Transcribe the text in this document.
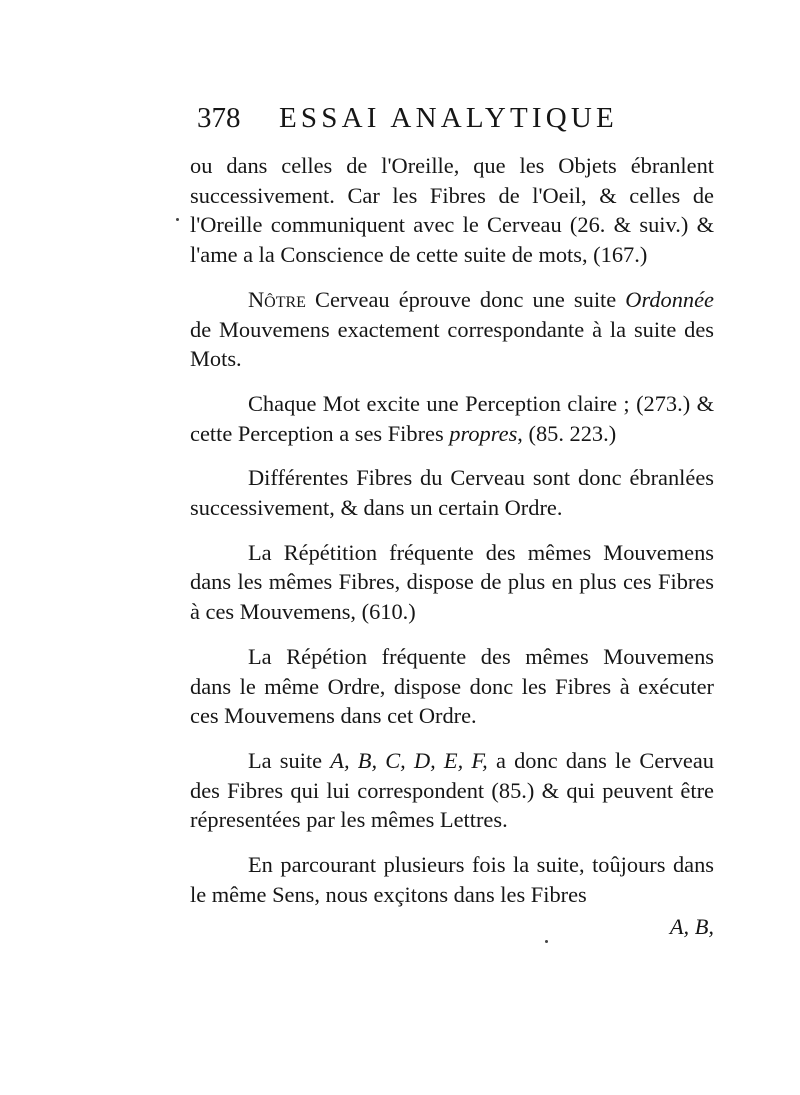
378 ESSAI ANALYTIQUE

ou dans celles de l'Oreille, que les Objets ébranlent successivement. Car les Fibres de l'Oeil, & celles de l'Oreille communiquent avec le Cerveau (26. & suiv.) & l'ame a la Conscience de cette suite de mots, (167.)

Nôtre Cerveau éprouve donc une suite Ordonnée de Mouvemens exactement correspondante à la suite des Mots.

Chaque Mot excite une Perception claire ; (273.) & cette Perception a ses Fibres propres, (85. 223.)

Différentes Fibres du Cerveau sont donc ébranlées successivement, & dans un certain Ordre.

La Répétition fréquente des mêmes Mouvemens dans les mêmes Fibres, dispose de plus en plus ces Fibres à ces Mouvemens, (610.)

La Répétion fréquente des mêmes Mouvemens dans le même Ordre, dispose donc les Fibres à exécuter ces Mouvemens dans cet Ordre.

La suite A, B, C, D, E, F, a donc dans le Cerveau des Fibres qui lui correspondent (85.) & qui peuvent être répresentées par les mêmes Lettres.

En parcourant plusieurs fois la suite, toûjours dans le même Sens, nous exçitons dans les Fibres

A, B,
